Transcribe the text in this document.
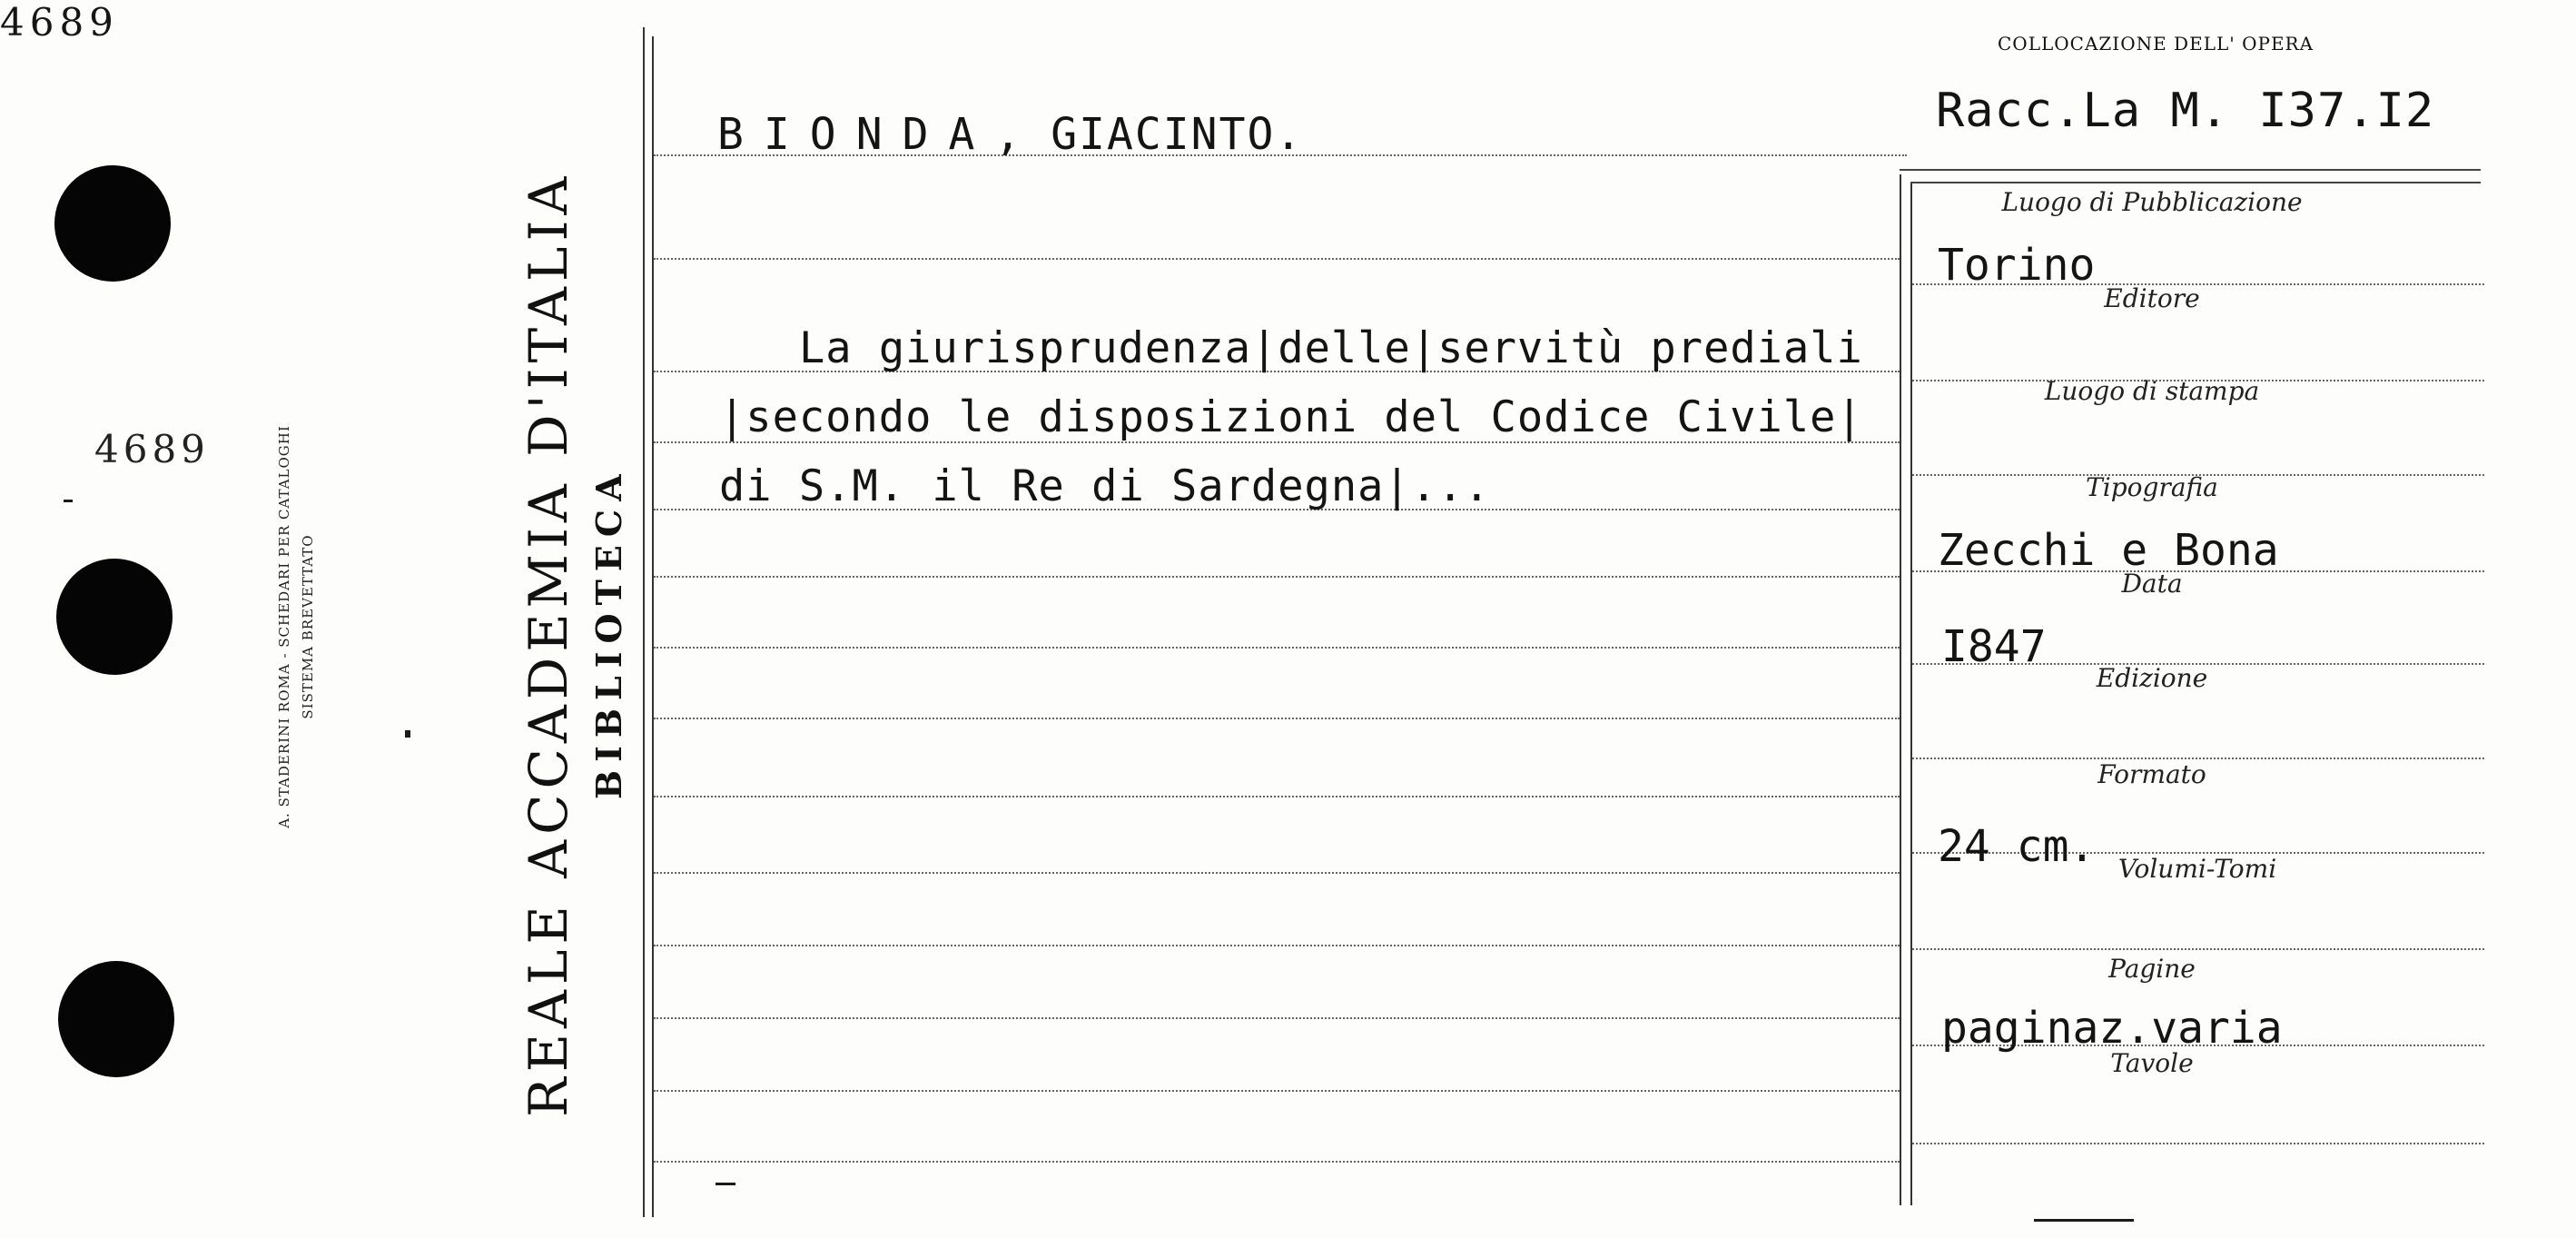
4689	A. STADERINI ROMA - SCHEDARI PER CATALOGHI SISTEMA BREVETTATO	REALE ACCADEMIA D'ITALIA BIBLIOTECA
COLLOCAZIONE DELL' OPERA
Racc.La M. I37.I2
BIONDA, GIACINTO.
La giurisprudenza|delle|servitù prediali
|secondo le disposizioni del Codice Civile|
di S.M. il Re di Sardegna|...
4689
Luogo di Pubblicazione
Torino
Editore
Luogo di stampa
Tipografia
Zecchi e Bona
Data
I847
Edizione
Formato
24 cm. Volumi-Tomi
Pagine
paginaz.varia
Tavole
